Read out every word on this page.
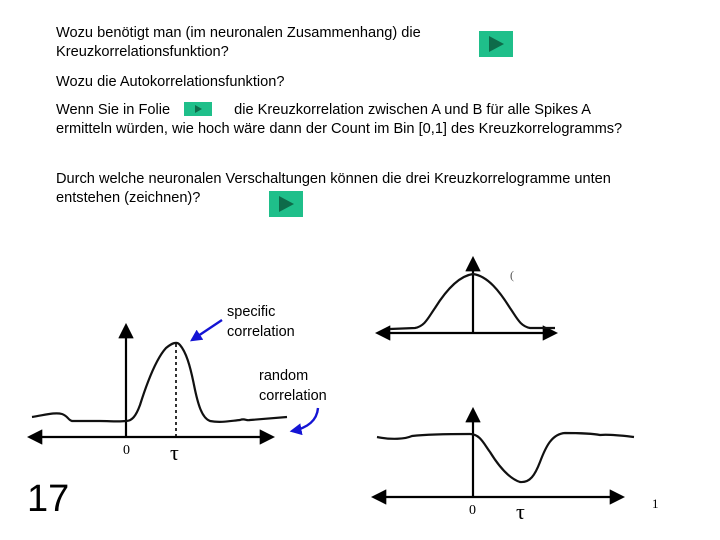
Wozu benötigt man (im neuronalen Zusammenhang) die Kreuzkorrelationsfunktion?

Wozu die Autokorrelationsfunktion?

Wenn Sie in Folie	die Kreuzkorrelation zwischen A und B für alle Spikes A ermitteln würden, wie hoch wäre dann der Count im Bin [0,1] des Kreuzkorrelogramms?

Durch welche neuronalen Verschaltungen können die drei Kreuzkorrelogramme unten entstehen (zeichnen)?

specific
correlation
random
correlation
0 τ
0 τ
(
17	1
